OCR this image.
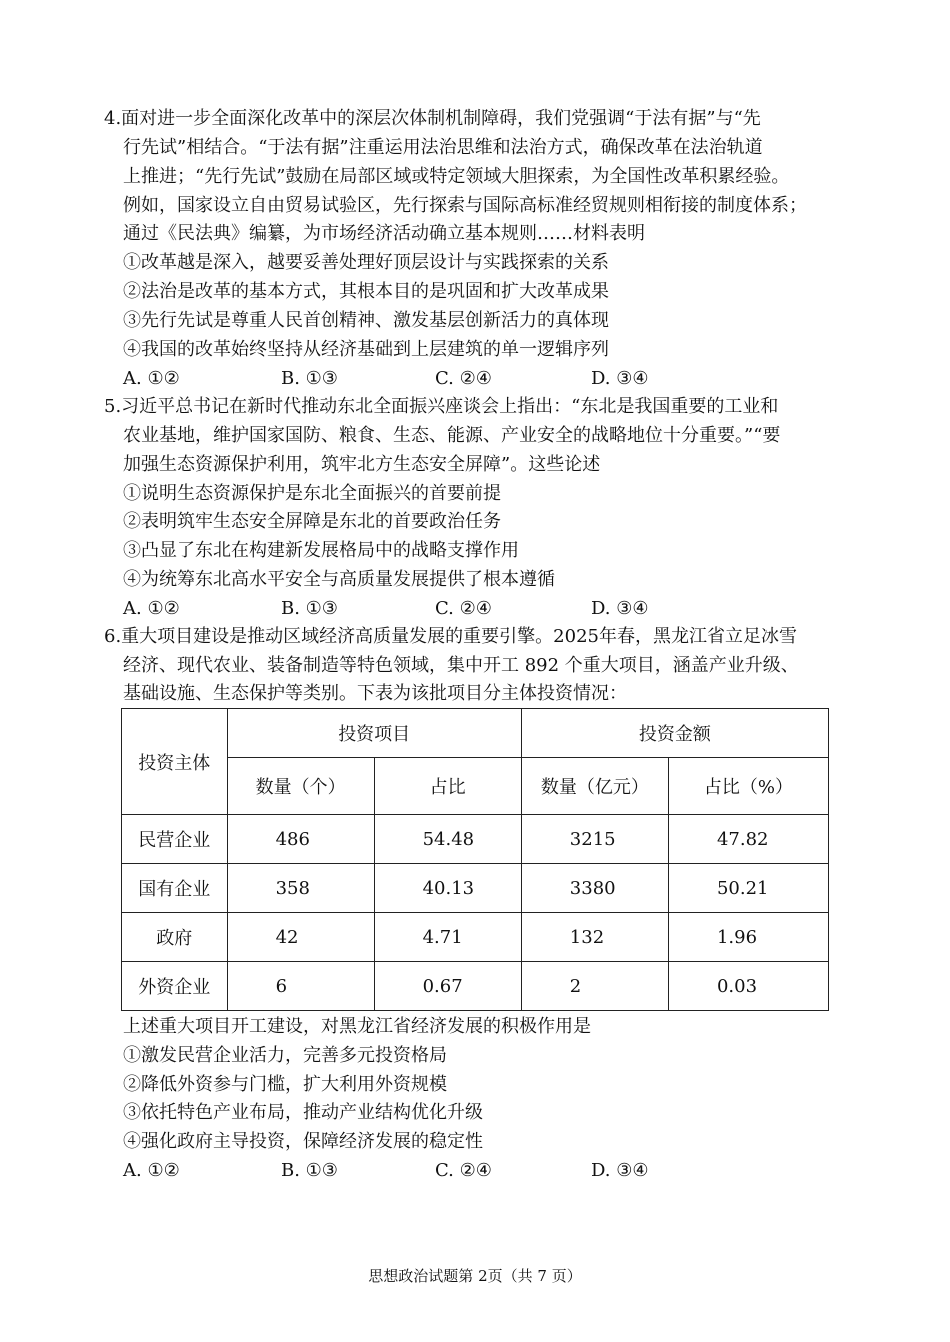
4.面对进一步全面深化改革中的深层次体制机制障碍，我们党强调“于法有据”与“先
行先试”相结合。“于法有据”注重运用法治思维和法治方式，确保改革在法治轨道
上推进；“先行先试”鼓励在局部区域或特定领域大胆探索，为全国性改革积累经验。
例如，国家设立自由贸易试验区，先行探索与国际高标准经贸规则相衔接的制度体系；
通过《民法典》编纂，为市场经济活动确立基本规则……材料表明
①改革越是深入，越要妥善处理好顶层设计与实践探索的关系
②法治是改革的基本方式，其根本目的是巩固和扩大改革成果
③先行先试是尊重人民首创精神、激发基层创新活力的真体现
④我国的改革始终坚持从经济基础到上层建筑的单一逻辑序列
A. ①②	B. ①③	C. ②④	D. ③④
5.习近平总书记在新时代推动东北全面振兴座谈会上指出：“东北是我国重要的工业和
农业基地，维护国家国防、粮食、生态、能源、产业安全的战略地位十分重要。”“要
加强生态资源保护利用，筑牢北方生态安全屏障”。这些论述
①说明生态资源保护是东北全面振兴的首要前提
②表明筑牢生态安全屏障是东北的首要政治任务
③凸显了东北在构建新发展格局中的战略支撑作用
④为统筹东北高水平安全与高质量发展提供了根本遵循
A. ①②	B. ①③	C. ②④	D. ③④
6.重大项目建设是推动区域经济高质量发展的重要引擎。2025年春，黑龙江省立足冰雪
经济、现代农业、装备制造等特色领域，集中开工 892 个重大项目，涵盖产业升级、
基础设施、生态保护等类别。下表为该批项目分主体投资情况：
投资主体	投资项目		投资金额	
	数量（个）	占比	数量（亿元）	占比（%）
民营企业	486	54.48	3215	47.82
国有企业	358	40.13	3380	50.21
政府	42	4.71	132	1.96
外资企业	6	0.67	2	0.03
上述重大项目开工建设，对黑龙江省经济发展的积极作用是
①激发民营企业活力，完善多元投资格局
②降低外资参与门槛，扩大利用外资规模
③依托特色产业布局，推动产业结构优化升级
④强化政府主导投资，保障经济发展的稳定性
A. ①②	B. ①③	C. ②④	D. ③④
思想政治试题第 2页（共 7 页）
